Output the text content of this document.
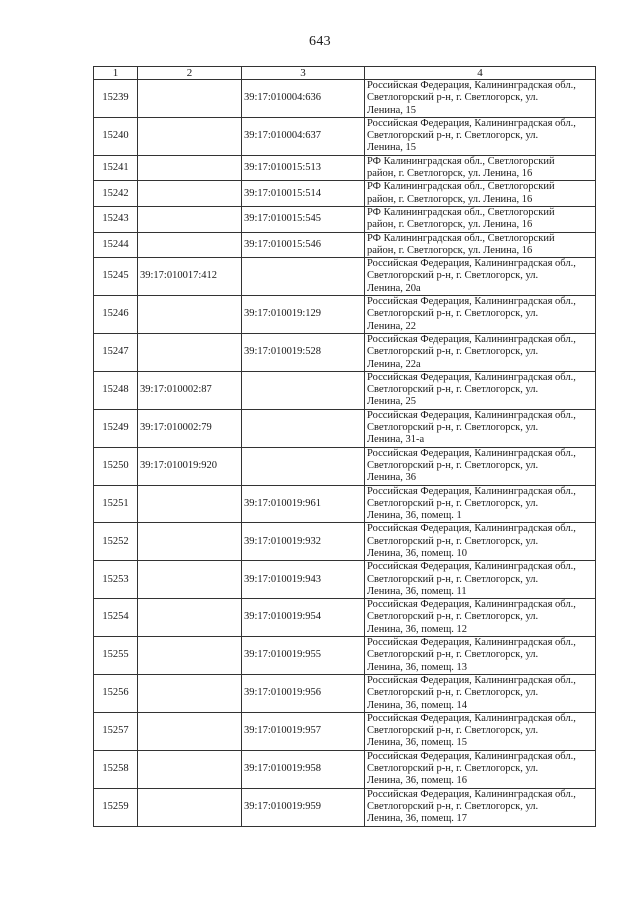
643
1	2	3	4
15239		39:17:010004:636	Российская Федерация, Калининградская обл.,
Светлогорский р-н, г. Светлогорск, ул.
Ленина, 15

15240		39:17:010004:637	Российская Федерация, Калининградская обл.,
Светлогорский р-н, г. Светлогорск, ул.
Ленина, 15

15241		39:17:010015:513	РФ Калининградская обл., Светлогорский
район, г. Светлогорск, ул. Ленина, 16

15242		39:17:010015:514	РФ Калининградская обл., Светлогорский
район, г. Светлогорск, ул. Ленина, 16

15243		39:17:010015:545	РФ Калининградская обл., Светлогорский
район, г. Светлогорск, ул. Ленина, 16

15244		39:17:010015:546	РФ Калининградская обл., Светлогорский
район, г. Светлогорск, ул. Ленина, 16

15245	39:17:010017:412		Российская Федерация, Калининградская обл.,
Светлогорский р-н, г. Светлогорск, ул.
Ленина, 20а

15246		39:17:010019:129	Российская Федерация, Калининградская обл.,
Светлогорский р-н, г. Светлогорск, ул.
Ленина, 22

15247		39:17:010019:528	Российская Федерация, Калининградская обл.,
Светлогорский р-н, г. Светлогорск, ул.
Ленина, 22а

15248	39:17:010002:87		Российская Федерация, Калининградская обл.,
Светлогорский р-н, г. Светлогорск, ул.
Ленина, 25

15249	39:17:010002:79		Российская Федерация, Калининградская обл.,
Светлогорский р-н, г. Светлогорск, ул.
Ленина, 31-а

15250	39:17:010019:920		Российская Федерация, Калининградская обл.,
Светлогорский р-н, г. Светлогорск, ул.
Ленина, 36

15251		39:17:010019:961	Российская Федерация, Калининградская обл.,
Светлогорский р-н, г. Светлогорск, ул.
Ленина, 36, помещ. 1

15252		39:17:010019:932	Российская Федерация, Калининградская обл.,
Светлогорский р-н, г. Светлогорск, ул.
Ленина, 36, помещ. 10

15253		39:17:010019:943	Российская Федерация, Калининградская обл.,
Светлогорский р-н, г. Светлогорск, ул.
Ленина, 36, помещ. 11

15254		39:17:010019:954	Российская Федерация, Калининградская обл.,
Светлогорский р-н, г. Светлогорск, ул.
Ленина, 36, помещ. 12

15255		39:17:010019:955	Российская Федерация, Калининградская обл.,
Светлогорский р-н, г. Светлогорск, ул.
Ленина, 36, помещ. 13

15256		39:17:010019:956	Российская Федерация, Калининградская обл.,
Светлогорский р-н, г. Светлогорск, ул.
Ленина, 36, помещ. 14

15257		39:17:010019:957	Российская Федерация, Калининградская обл.,
Светлогорский р-н, г. Светлогорск, ул.
Ленина, 36, помещ. 15

15258		39:17:010019:958	Российская Федерация, Калининградская обл.,
Светлогорский р-н, г. Светлогорск, ул.
Ленина, 36, помещ. 16

15259		39:17:010019:959	Российская Федерация, Калининградская обл.,
Светлогорский р-н, г. Светлогорск, ул.
Ленина, 36, помещ. 17
